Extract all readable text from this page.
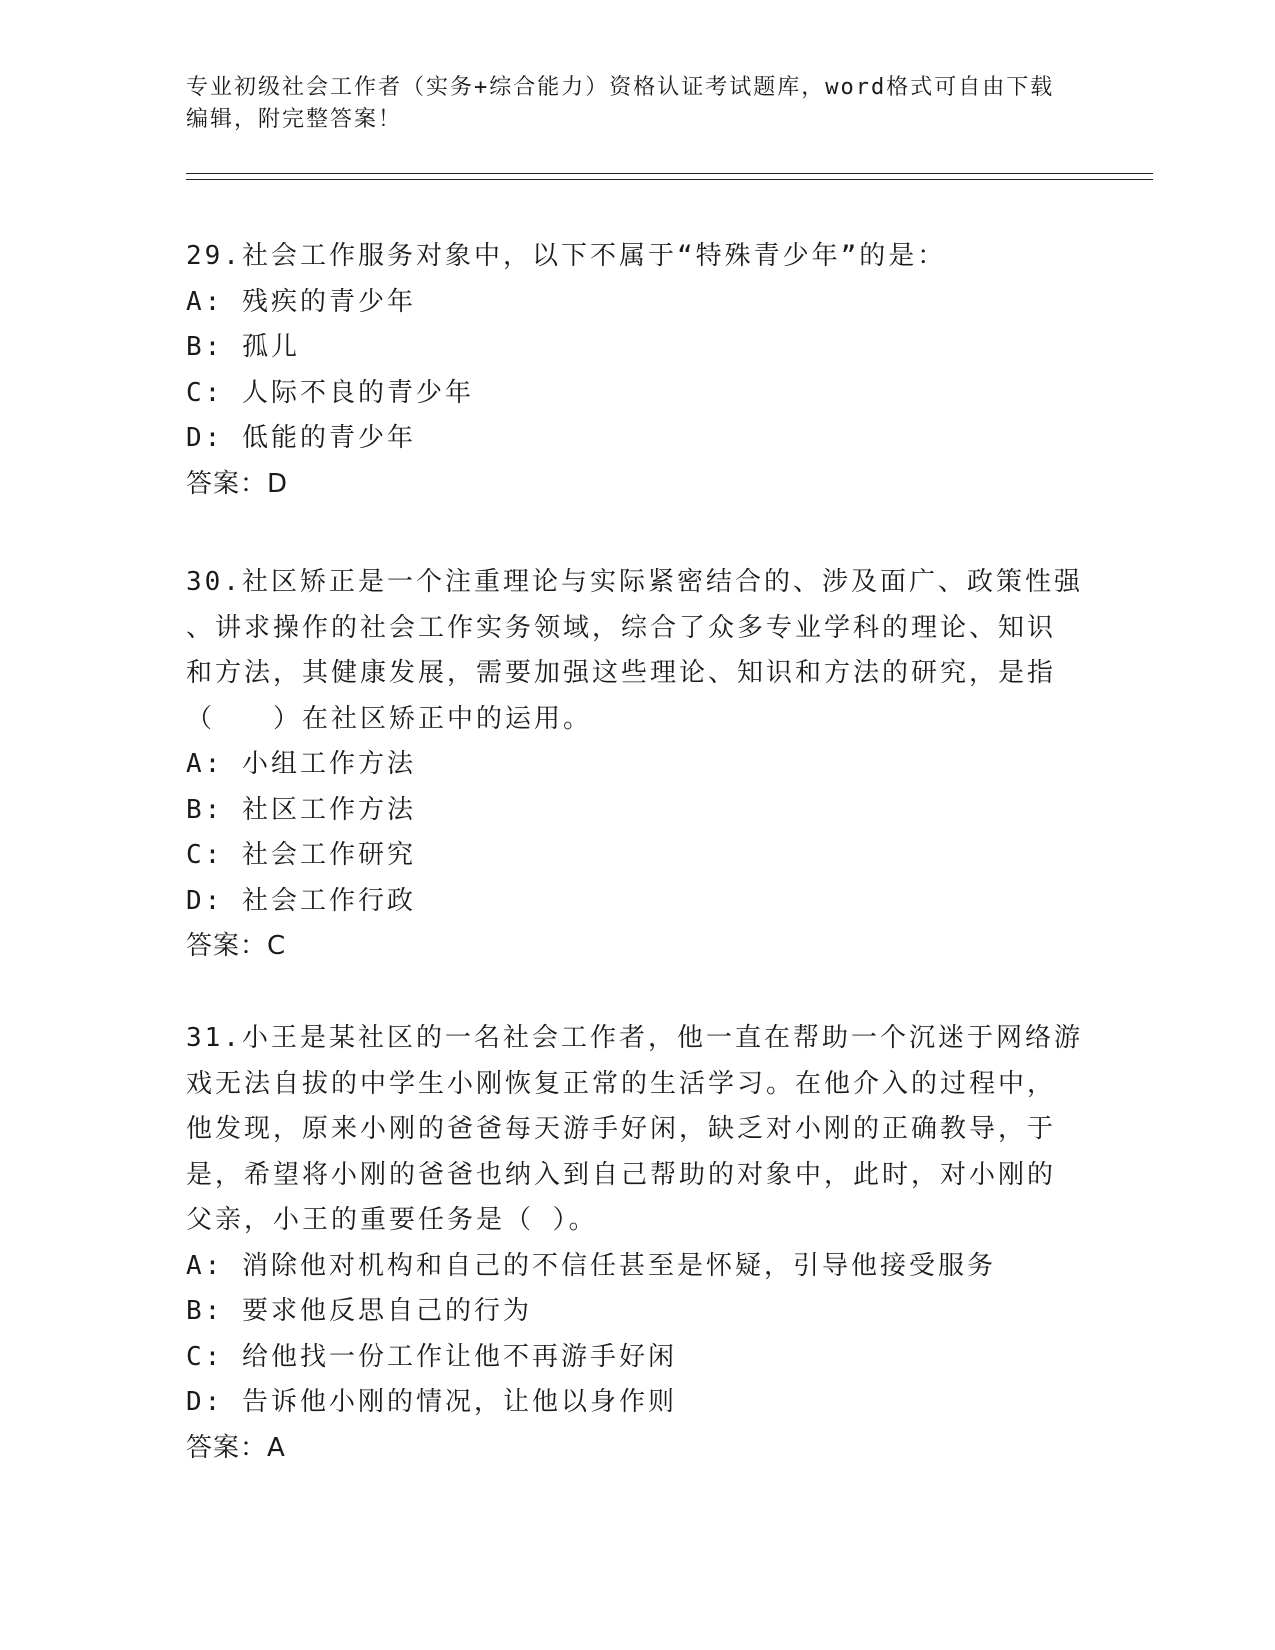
专业初级社会工作者（实务+综合能力）资格认证考试题库，word格式可自由下载
编辑，附完整答案！

29.社会工作服务对象中，以下不属于“特殊青少年”的是：

A: 残疾的青少年

B: 孤儿

C: 人际不良的青少年

D: 低能的青少年

答案：D

30.社区矫正是一个注重理论与实际紧密结合的、涉及面广、政策性强

、讲求操作的社会工作实务领域，综合了众多专业学科的理论、知识

和方法，其健康发展，需要加强这些理论、知识和方法的研究，是指

（　　）在社区矫正中的运用。

A: 小组工作方法

B: 社区工作方法

C: 社会工作研究

D: 社会工作行政

答案：C

31.小王是某社区的一名社会工作者，他一直在帮助一个沉迷于网络游

戏无法自拔的中学生小刚恢复正常的生活学习。在他介入的过程中，

他发现，原来小刚的爸爸每天游手好闲，缺乏对小刚的正确教导，于

是，希望将小刚的爸爸也纳入到自己帮助的对象中，此时，对小刚的

父亲，小王的重要任务是（ ）。

A: 消除他对机构和自己的不信任甚至是怀疑，引导他接受服务

B: 要求他反思自己的行为

C: 给他找一份工作让他不再游手好闲

D: 告诉他小刚的情况，让他以身作则

答案：A
